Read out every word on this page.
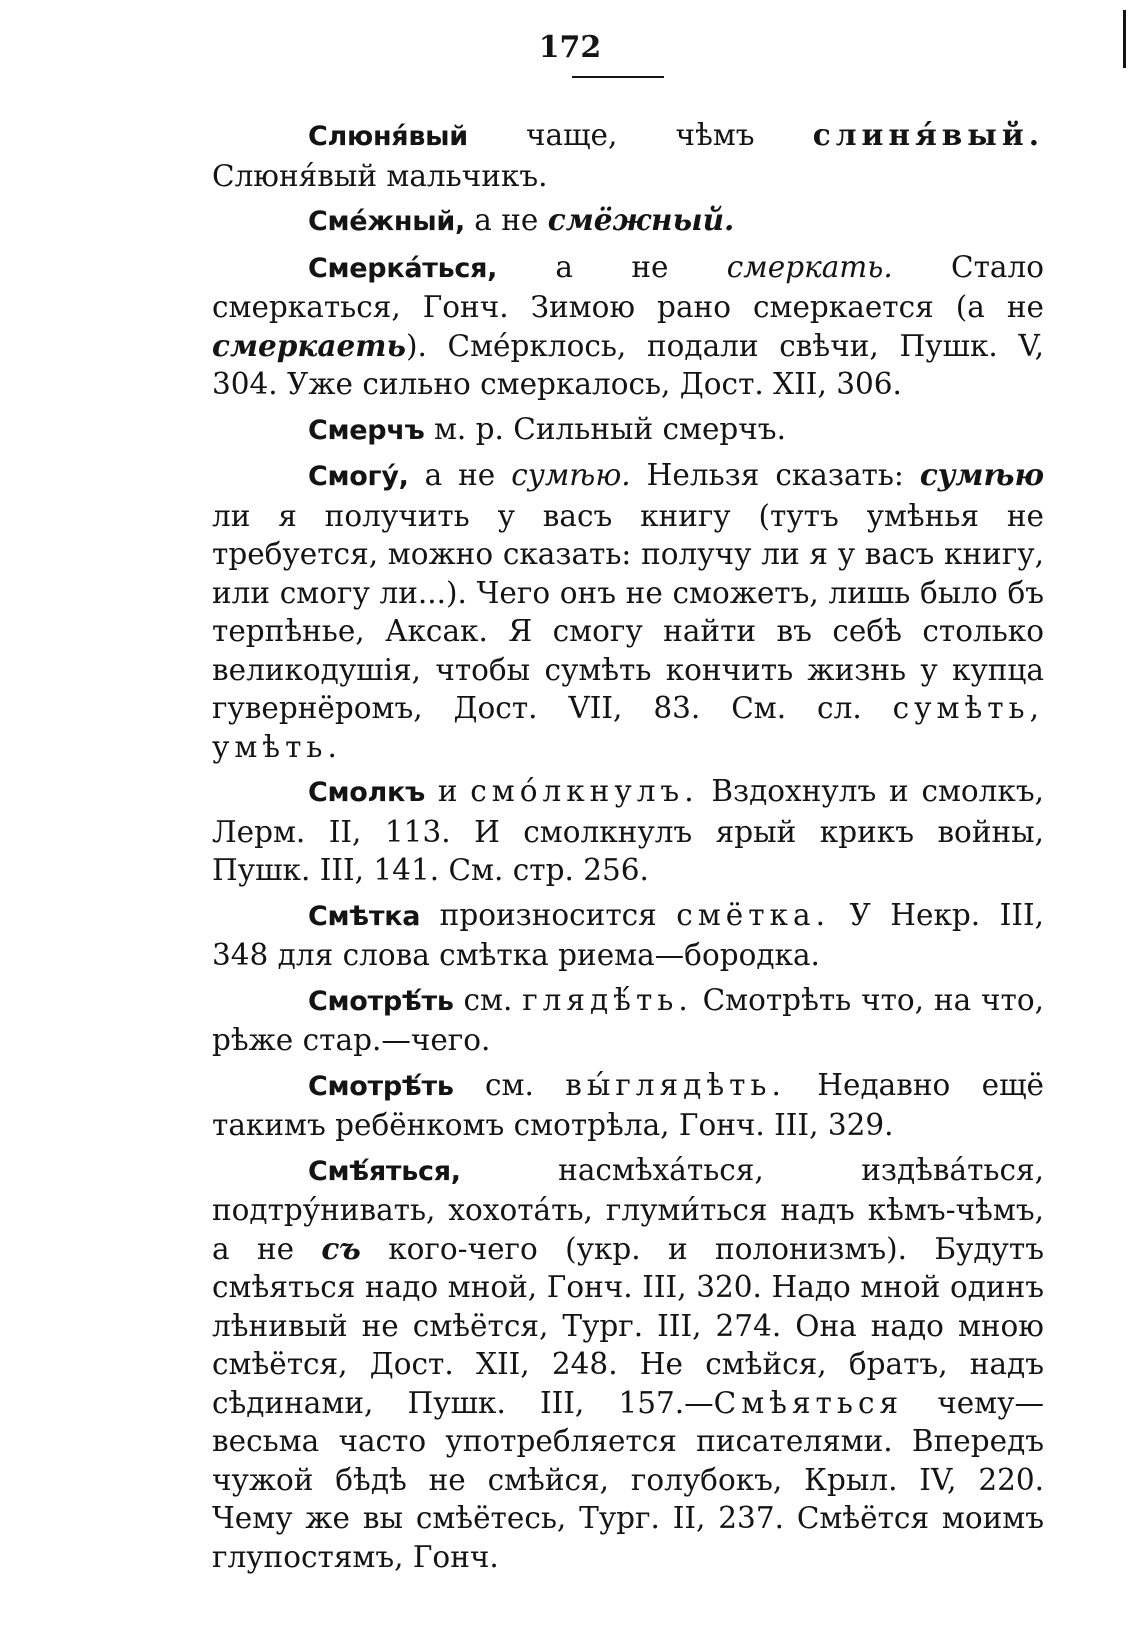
172

Слюня́вый чаще, чѣмъ слиня́вый. Слюня́вый мальчикъ.

Сме́жный, а не смёжный.

Смерка́ться, а не смеркать. Стало смеркаться, Гонч. Зимою рано смеркается (а не смеркаеть). Сме́рклось, подали свѣчи, Пушк. V, 304. Уже сильно смеркалось, Дост. XII, 306.

Смерчъ м. р. Сильный смерчъ.

Смогу́, а не сумѣю. Нельзя сказать: сумѣю ли я получить у васъ книгу (тутъ умѣнья не требуется, можно сказать: получу ли я у васъ книгу, или смогу ли...). Чего онъ не сможетъ, лишь было бъ терпѣнье, Аксак. Я смогу найти въ себѣ столько великодушія, чтобы сумѣть кончить жизнь у купца гувернёромъ, Дост. VII, 83. См. сл. сумѣть, умѣть.

Смолкъ и смо́лкнулъ. Вздохнулъ и смолкъ, Лерм. II, 113. И смолкнулъ ярый крикъ войны, Пушк. III, 141. См. стр. 256.

Смѣтка произносится смётка. У Некр. III, 348 для слова смѣтка риема—бородка.

Смотрѣ́ть см. глядѣ́ть. Смотрѣть что, на что, рѣже стар.—чего.

Смотрѣ́ть см. вы́глядѣть. Недавно ещё такимъ ребёнкомъ смотрѣла, Гонч. III, 329.

Смѣ́яться, насмѣха́ться, издѣва́ться, подтру́нивать, хохота́ть, глуми́ться надъ кѣмъ-чѣмъ, а не съ кого-чего (укр. и полонизмъ). Будутъ смѣяться надо мной, Гонч. III, 320. Надо мной одинъ лѣнивый не смѣётся, Тург. III, 274. Она надо мною смѣётся, Дост. XII, 248. Не смѣйся, братъ, надъ сѣдинами, Пушк. III, 157.—Смѣяться чему—весьма часто употребляется писателями. Впередъ чужой бѣдѣ не смѣйся, голубокъ, Крыл. IV, 220. Чему же вы смѣётесь, Тург. II, 237. Смѣётся моимъ глупостямъ, Гонч.
